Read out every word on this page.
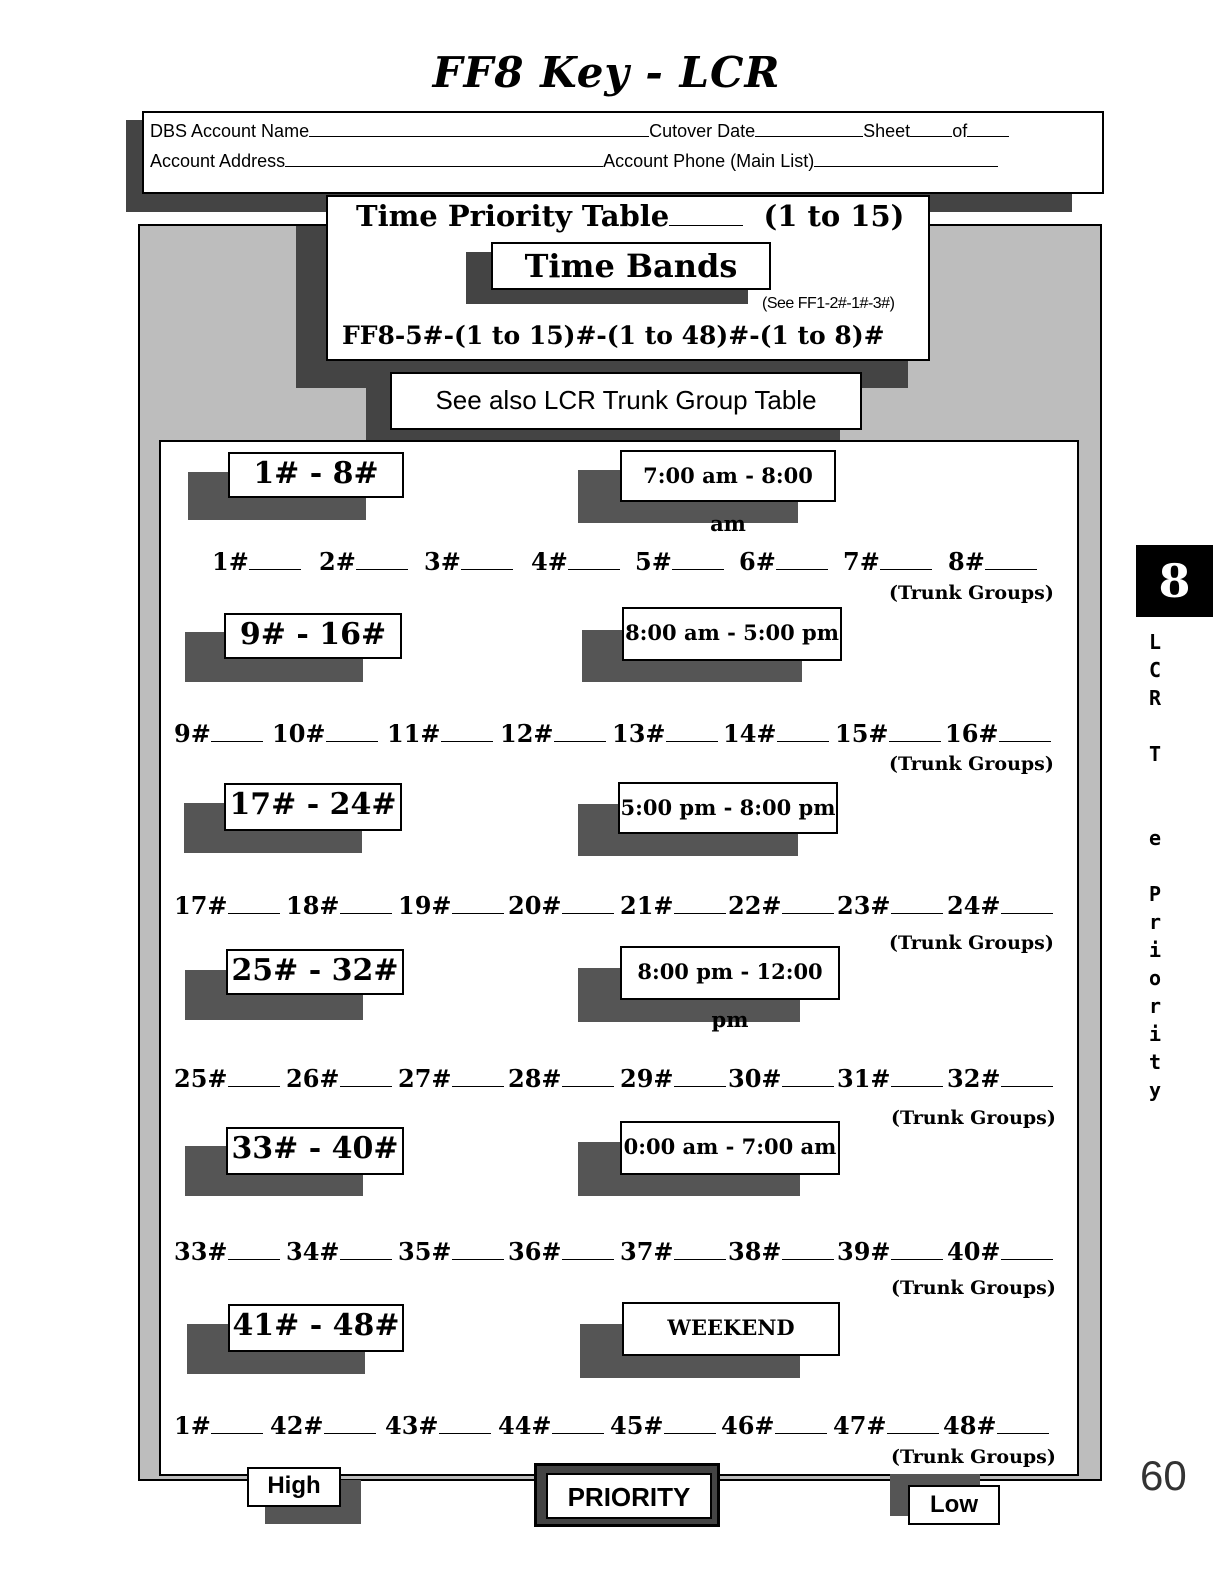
FF8 Key - LCR
DBS Account Name	Cutover Date	Sheet of
Account Address	Account Phone (Main List)
Time Priority Table	(1 to 15)
(See FF1-2#-1#-3#)
FF8-5#-(1 to 15)#-(1 to 48)#-(1 to 8)#
Time Bands
See also LCR Trunk Group Table
1# - 8#	7:00 am - 8:00 am
1#	2#	3#	4#	5#	6#	7#	8#
(Trunk Groups)
9# - 16#	8:00 am - 5:00 pm
9#	10#	11# 12# 13# 14# 15# 16#
(Trunk Groups)
17# - 24#	5:00 pm - 8:00 pm
17# 18# 19# 20# 21# 22# 23# 24#
(Trunk Groups)
25# - 32#	8:00 pm - 12:00 pm
25# 26# 27# 28# 29# 30# 31# 32#
(Trunk Groups)
33# - 40#	0:00 am - 7:00 am
33# 34# 35# 36# 37# 38# 39# 40#
(Trunk Groups)
41# - 48#	WEEKEND
1# 42#	43# 44# 45# 46# 47# 48#
(Trunk Groups)
High	PRIORITY	Low
8
L
C
R
T
e
P
r
i
o
r
i
t
y
60
